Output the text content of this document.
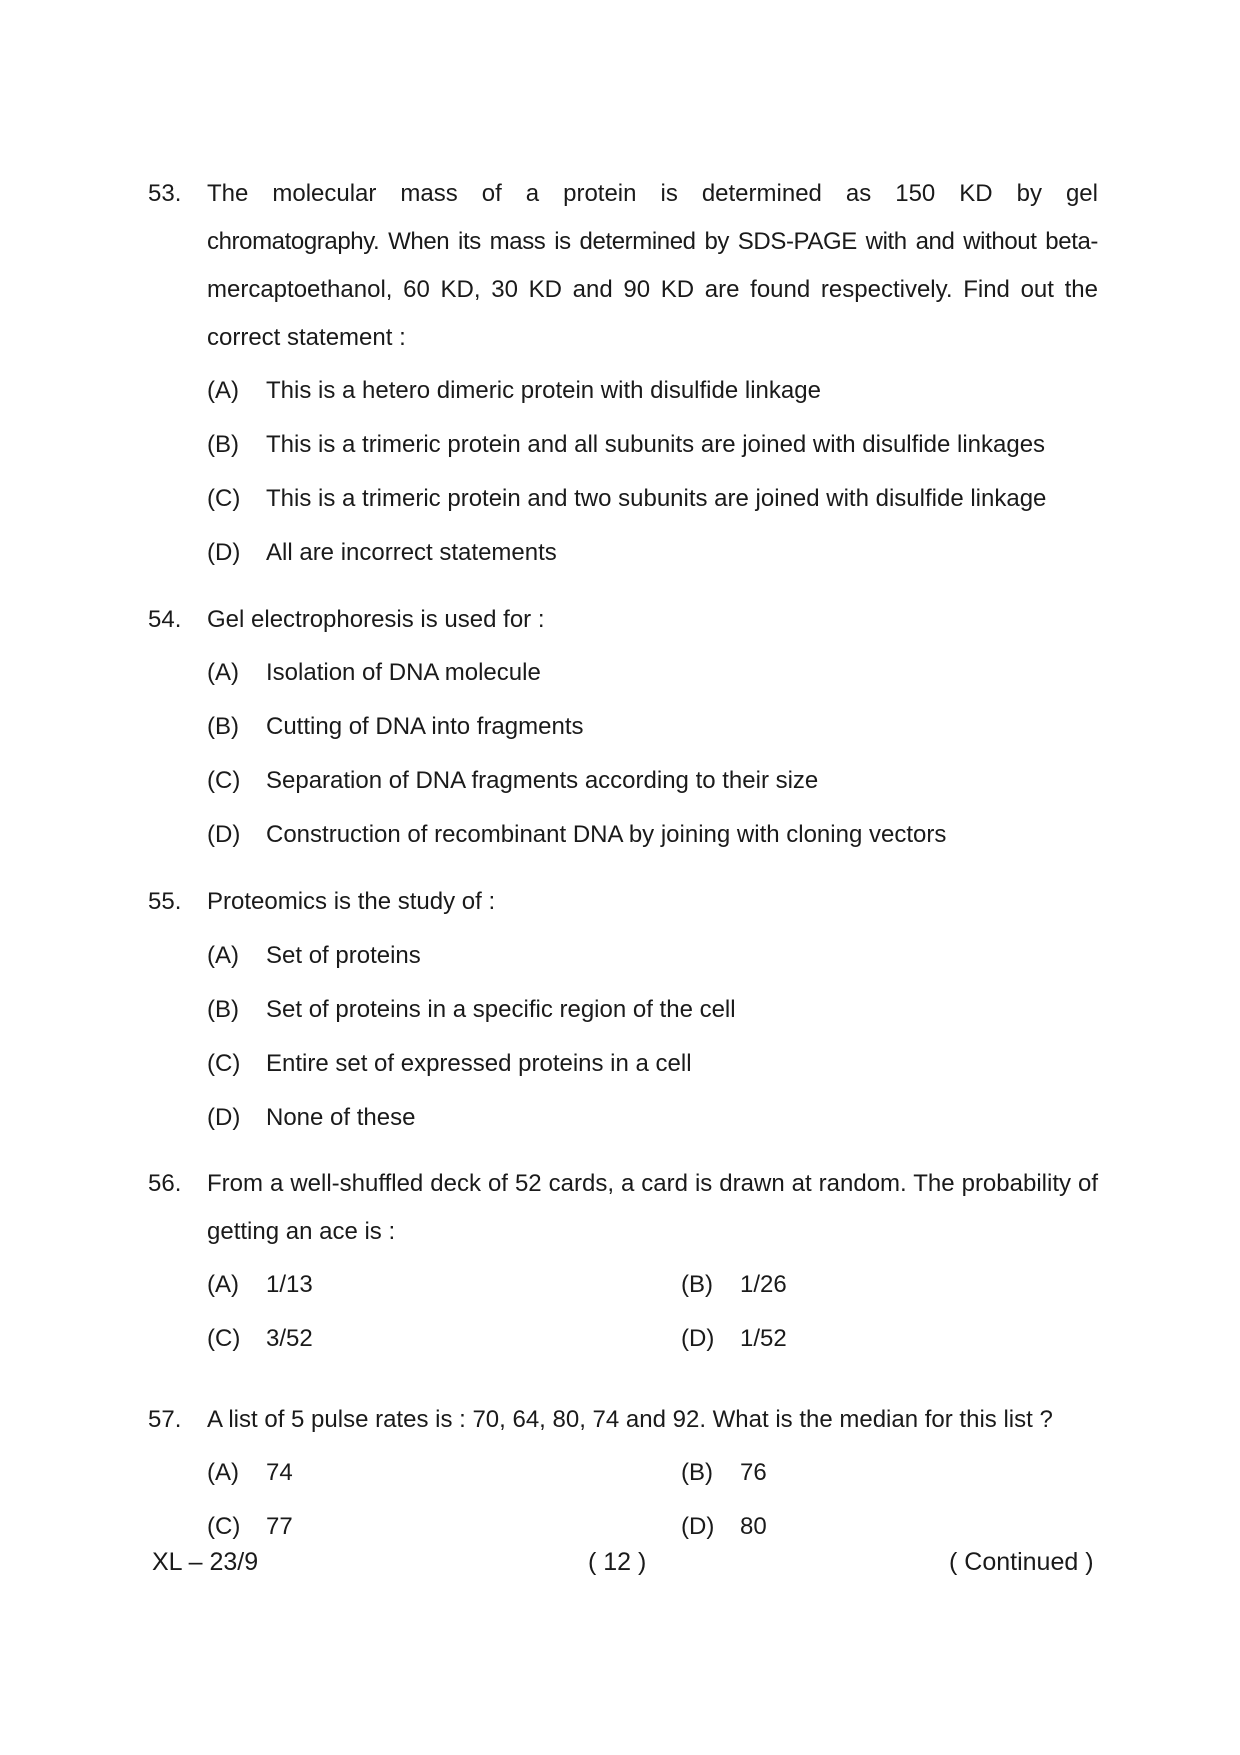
53.	The molecular mass of a protein is determined as 150 KD by gel
chromatography. When its mass is determined by SDS-PAGE with and without beta-
mercaptoethanol, 60 KD, 30 KD and 90 KD are found respectively. Find out the
correct statement :
(A)	This is a hetero dimeric protein with disulfide linkage
(B)	This is a trimeric protein and all subunits are joined with disulfide linkages
(C)	This is a trimeric protein and two subunits are joined with disulfide linkage
(D)	All are incorrect statements
54.	Gel electrophoresis is used for :
(A)	Isolation of DNA molecule
(B)	Cutting of DNA into fragments
(C)	Separation of DNA fragments according to their size
(D)	Construction of recombinant DNA by joining with cloning vectors
55.	Proteomics is the study of :
(A)	Set of proteins
(B)	Set of proteins in a specific region of the cell
(C)	Entire set of expressed proteins in a cell
(D)	None of these
56.	From a well-shuffled deck of 52 cards, a card is drawn at random. The probability of
getting an ace is :
(A)	1/13	(B)	1/26
(C)	3/52	(D)	1/52
57.	A list of 5 pulse rates is : 70, 64, 80, 74 and 92. What is the median for this list ?
(A)	74	(B)	76
(C)	77	(D)	80
XL – 23/9	( 12 )	( Continued )
